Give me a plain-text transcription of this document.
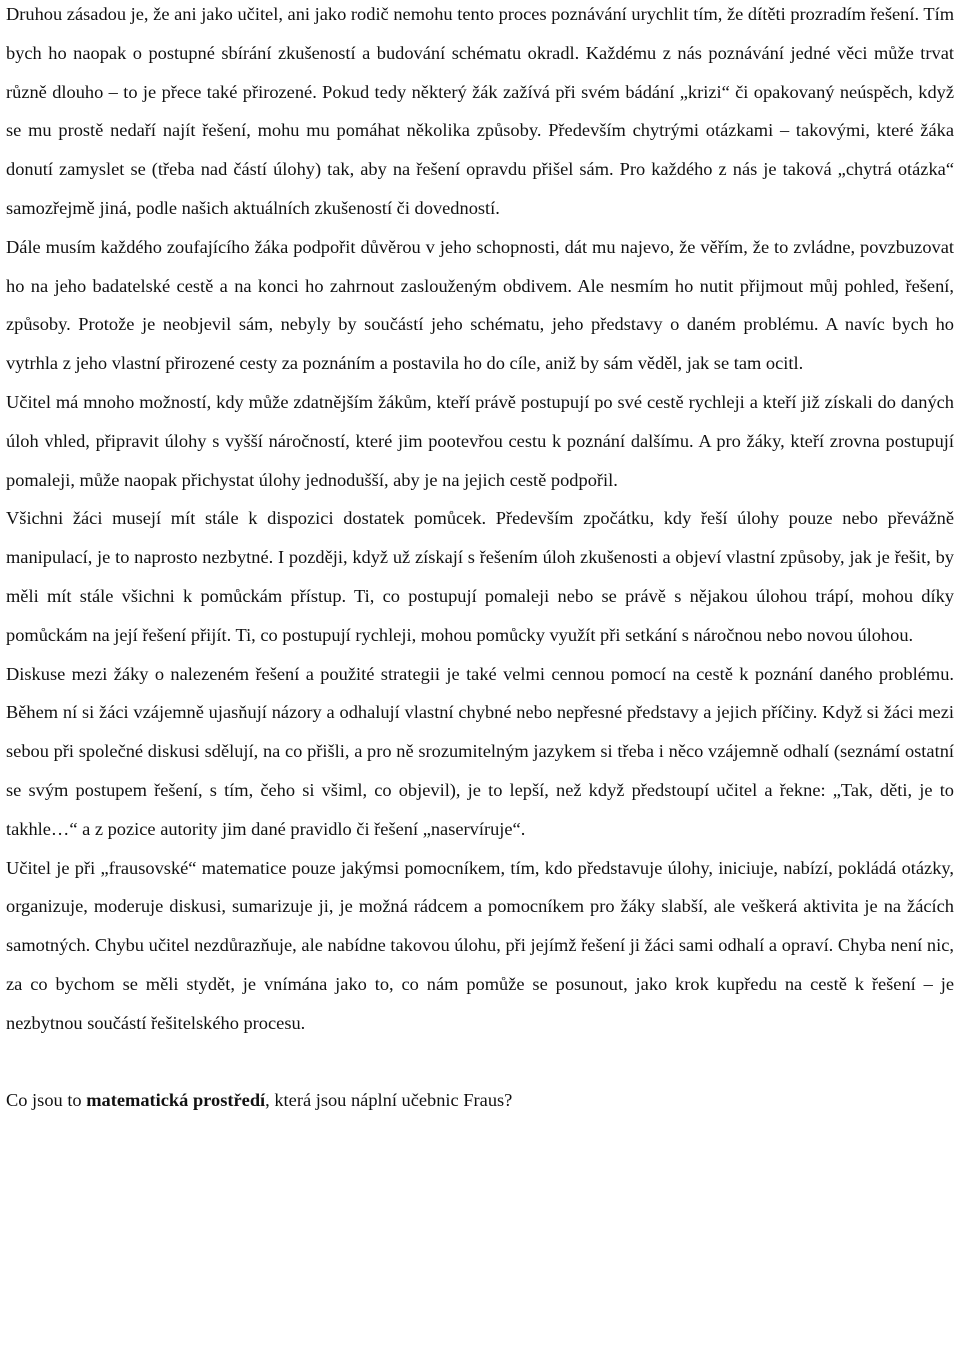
Druhou zásadou je, že ani jako učitel, ani jako rodič nemohu tento proces poznávání urychlit tím, že dítěti prozradím řešení. Tím bych ho naopak o postupné sbírání zkušeností a budování schématu okradl. Každému z nás poznávání jedné věci může trvat různě dlouho – to je přece také přirozené. Pokud tedy některý žák zažívá při svém bádání „krizi“ či opakovaný neúspěch, když se mu prostě nedaří najít řešení, mohu mu pomáhat několika způsoby. Především chytrými otázkami – takovými, které žáka donutí zamyslet se (třeba nad částí úlohy) tak, aby na řešení opravdu přišel sám. Pro každého z nás je taková „chytrá otázka“ samozřejmě jiná, podle našich aktuálních zkušeností či dovedností.

Dále musím každého zoufajícího žáka podpořit důvěrou v jeho schopnosti, dát mu najevo, že věřím, že to zvládne, povzbuzovat ho na jeho badatelské cestě a na konci ho zahrnout zaslouženým obdivem. Ale nesmím ho nutit přijmout můj pohled, řešení, způsoby. Protože je neobjevil sám, nebyly by součástí jeho schématu, jeho představy o daném problému. A navíc bych ho vytrhla z jeho vlastní přirozené cesty za poznáním a postavila ho do cíle, aniž by sám věděl, jak se tam ocitl.

Učitel má mnoho možností, kdy může zdatnějším žákům, kteří právě postupují po své cestě rychleji a kteří již získali do daných úloh vhled, připravit úlohy s vyšší náročností, které jim pootevřou cestu k poznání dalšímu. A pro žáky, kteří zrovna postupují pomaleji, může naopak přichystat úlohy jednodušší, aby je na jejich cestě podpořil.

Všichni žáci musejí mít stále k dispozici dostatek pomůcek. Především zpočátku, kdy řeší úlohy pouze nebo převážně manipulací, je to naprosto nezbytné. I později, když už získají s řešením úloh zkušenosti a objeví vlastní způsoby, jak je řešit, by měli mít stále všichni k pomůckám přístup. Ti, co postupují pomaleji nebo se právě s nějakou úlohou trápí, mohou díky pomůckám na její řešení přijít. Ti, co postupují rychleji, mohou pomůcky využít při setkání s náročnou nebo novou úlohou.

Diskuse mezi žáky o nalezeném řešení a použité strategii je také velmi cennou pomocí na cestě k poznání daného problému. Během ní si žáci vzájemně ujasňují názory a odhalují vlastní chybné nebo nepřesné představy a jejich příčiny. Když si žáci mezi sebou při společné diskusi sdělují, na co přišli, a pro ně srozumitelným jazykem si třeba i něco vzájemně odhalí (seznámí ostatní se svým postupem řešení, s tím, čeho si všiml, co objevil), je to lepší, než když předstoupí učitel a řekne: „Tak, děti, je to takhle…“ a z pozice autority jim dané pravidlo či řešení „naservíruje“.

Učitel je při „frausovské“ matematice pouze jakýmsi pomocníkem, tím, kdo představuje úlohy, iniciuje, nabízí, pokládá otázky, organizuje, moderuje diskusi, sumarizuje ji, je možná rádcem a pomocníkem pro žáky slabší, ale veškerá aktivita je na žácích samotných. Chybu učitel nezdůrazňuje, ale nabídne takovou úlohu, při jejímž řešení ji žáci sami odhalí a opraví. Chyba není nic, za co bychom se měli stydět, je vnímána jako to, co nám pomůže se posunout, jako krok kupředu na cestě k řešení – je nezbytnou součástí řešitelského procesu.

Co jsou to matematická prostředí, která jsou náplní učebnic Fraus?
